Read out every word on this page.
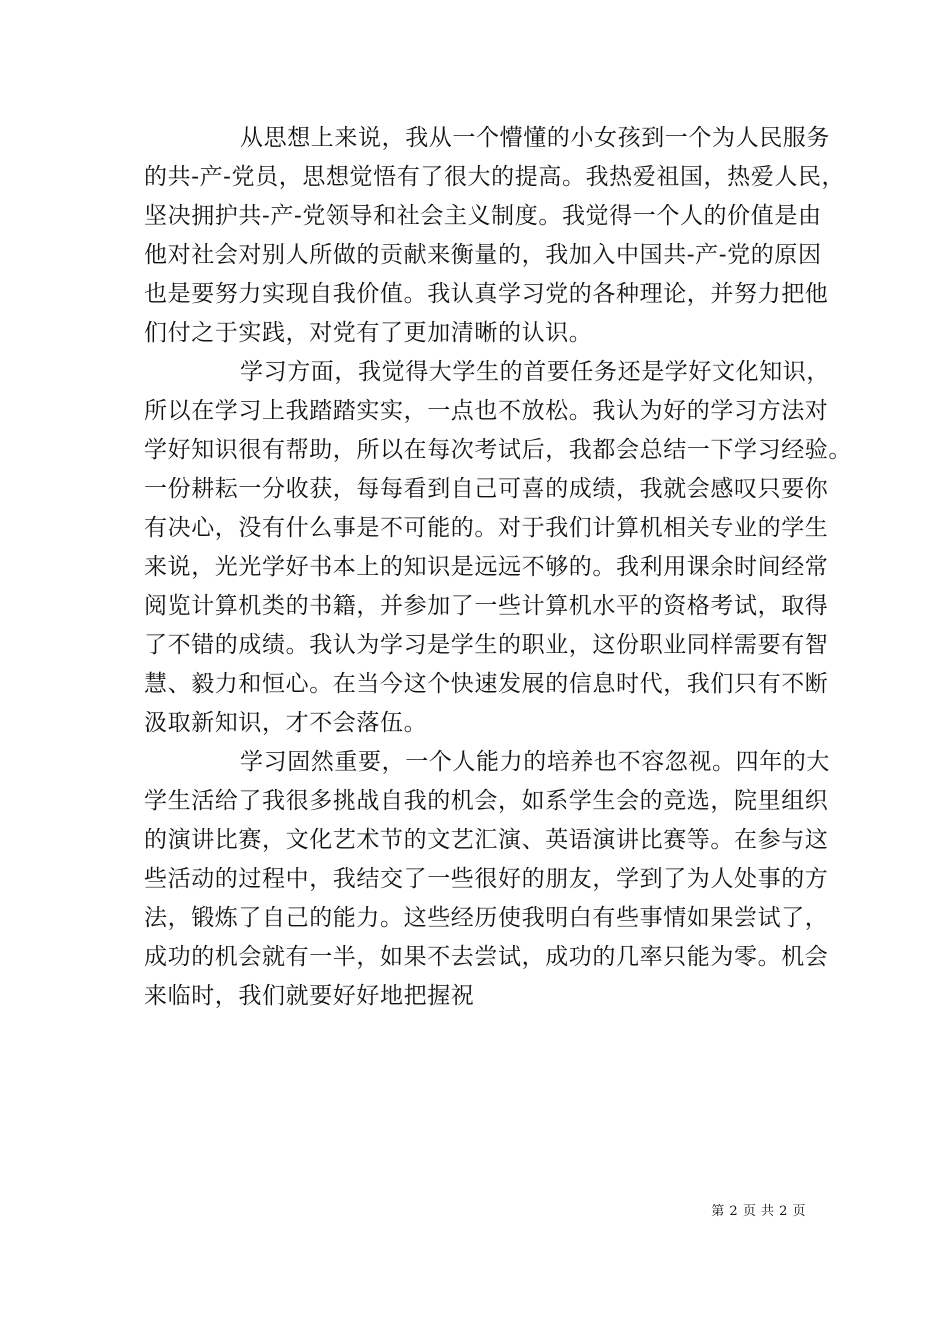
从思想上来说，我从一个懵懂的小女孩到一个为人民服务
的共-产-党员，思想觉悟有了很大的提高。我热爱祖国，热爱人民，
坚决拥护共-产-党领导和社会主义制度。我觉得一个人的价值是由
他对社会对别人所做的贡献来衡量的，我加入中国共-产-党的原因
也是要努力实现自我价值。我认真学习党的各种理论，并努力把他
们付之于实践，对党有了更加清晰的认识。
学习方面，我觉得大学生的首要任务还是学好文化知识，
所以在学习上我踏踏实实，一点也不放松。我认为好的学习方法对
学好知识很有帮助，所以在每次考试后，我都会总结一下学习经验。
一份耕耘一分收获，每每看到自己可喜的成绩，我就会感叹只要你
有决心，没有什么事是不可能的。对于我们计算机相关专业的学生
来说，光光学好书本上的知识是远远不够的。我利用课余时间经常
阅览计算机类的书籍，并参加了一些计算机水平的资格考试，取得
了不错的成绩。我认为学习是学生的职业，这份职业同样需要有智
慧、毅力和恒心。在当今这个快速发展的信息时代，我们只有不断
汲取新知识，才不会落伍。
学习固然重要，一个人能力的培养也不容忽视。四年的大
学生活给了我很多挑战自我的机会，如系学生会的竞选，院里组织
的演讲比赛，文化艺术节的文艺汇演、英语演讲比赛等。在参与这
些活动的过程中，我结交了一些很好的朋友，学到了为人处事的方
法，锻炼了自己的能力。这些经历使我明白有些事情如果尝试了，
成功的机会就有一半，如果不去尝试，成功的几率只能为零。机会
来临时，我们就要好好地把握祝
第 2 页 共 2 页
